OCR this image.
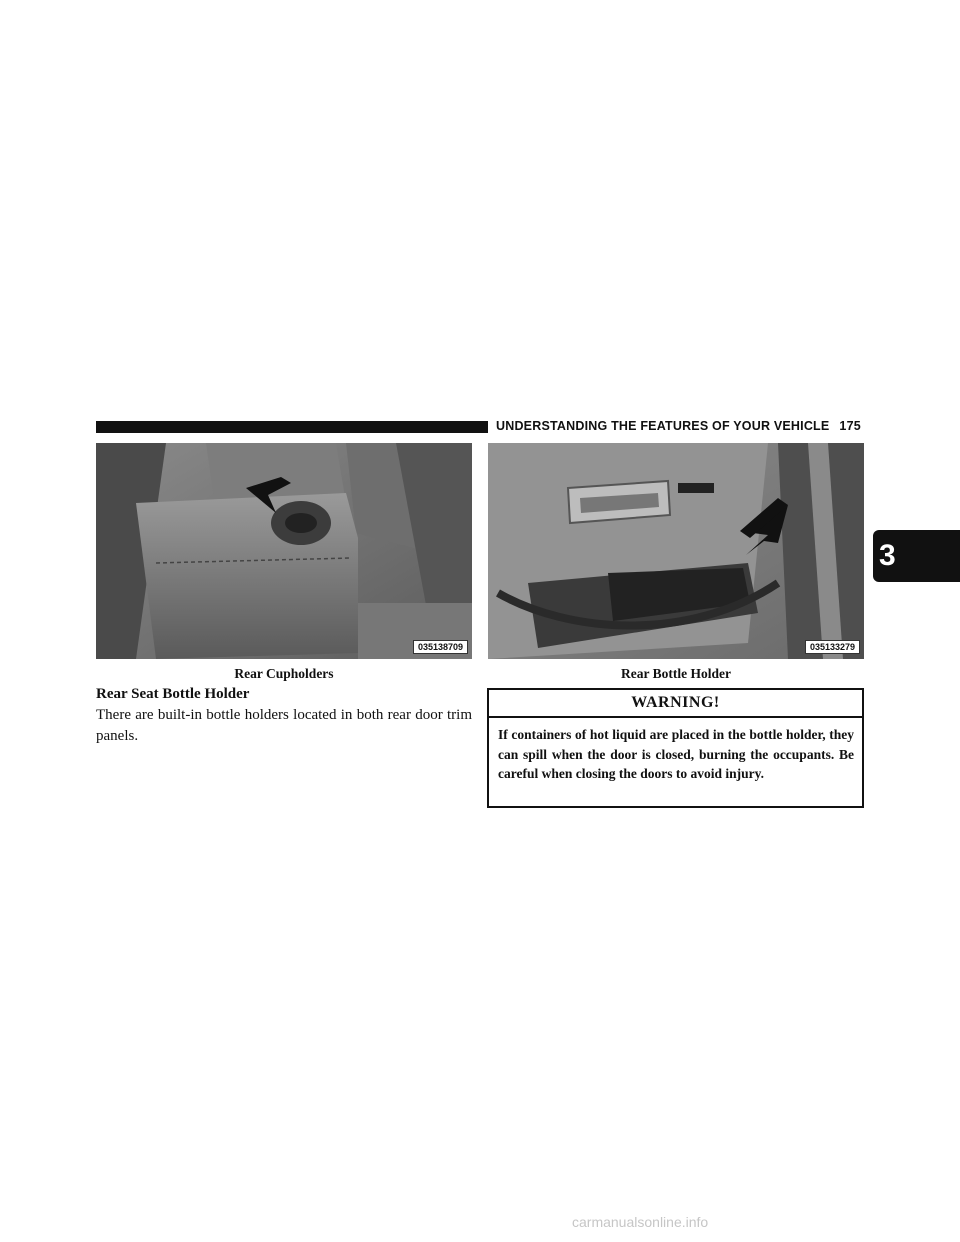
UNDERSTANDING THE FEATURES OF YOUR VEHICLE 175
3
035138709
Rear Cupholders
035133279
Rear Bottle Holder
Rear Seat Bottle Holder
There are built-in bottle holders located in both rear door trim panels.
WARNING!
If containers of hot liquid are placed in the bottle holder, they can spill when the door is closed, burning the occupants. Be careful when closing the doors to avoid injury.
carmanualsonline.info
